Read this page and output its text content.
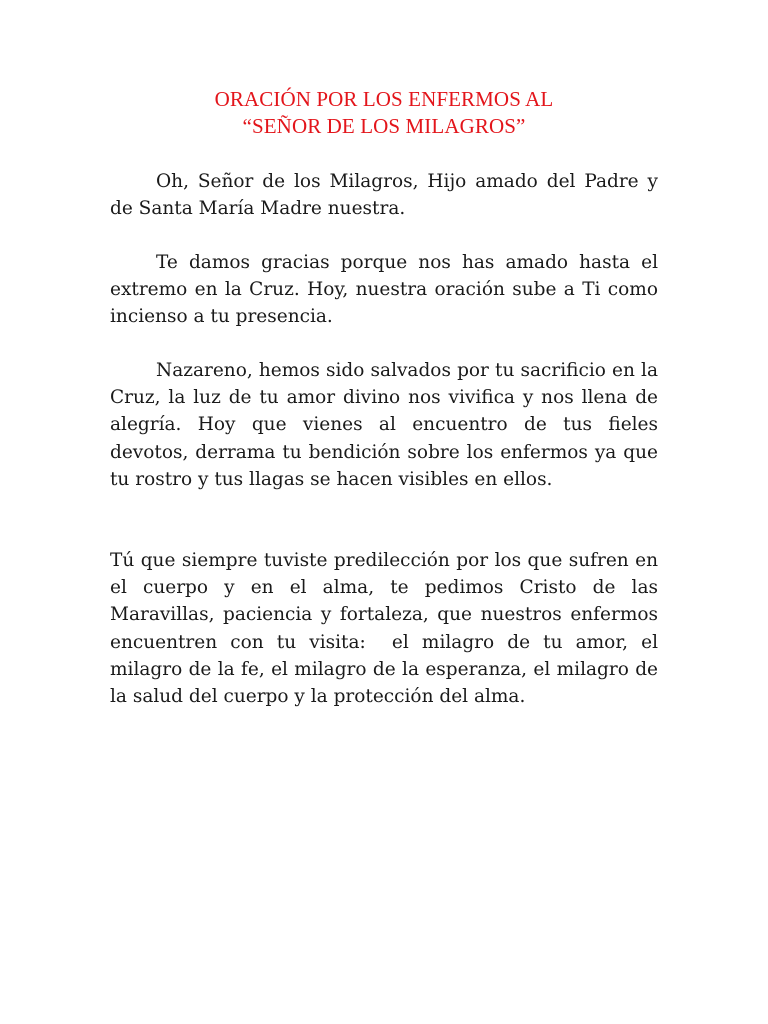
ORACIÓN POR LOS ENFERMOS AL
“SEÑOR DE LOS MILAGROS”

Oh, Señor de los Milagros, Hijo amado del Padre y de Santa María Madre nuestra.

Te damos gracias porque nos has amado hasta el extremo en la Cruz. Hoy, nuestra oración sube a Ti como incienso a tu presencia.

Nazareno, hemos sido salvados por tu sacrificio en la Cruz, la luz de tu amor divino nos vivifica y nos llena de alegría. Hoy que vienes al encuentro de tus fieles devotos, derrama tu bendición sobre los enfermos ya que tu rostro y tus llagas se hacen visibles en ellos.

Tú que siempre tuviste predilección por los que sufren en el cuerpo y en el alma, te pedimos Cristo de las Maravillas, paciencia y fortaleza, que nuestros enfermos encuentren con tu visita:  el milagro de tu amor, el milagro de la fe, el milagro de la esperanza, el milagro de la salud del cuerpo y la protección del alma.
